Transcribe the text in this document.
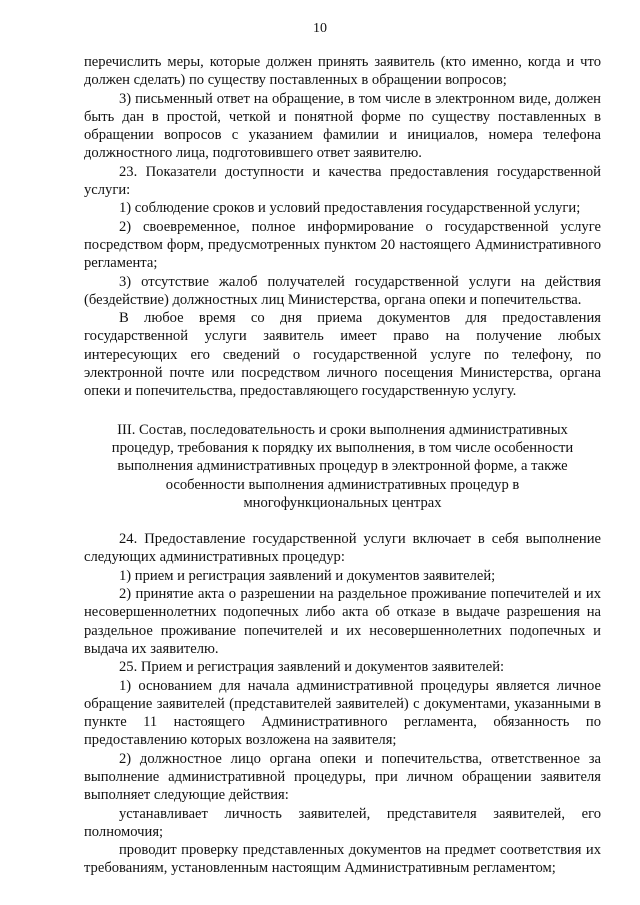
10

перечислить меры, которые должен принять заявитель (кто именно, когда и что должен сделать) по существу поставленных в обращении вопросов;

3) письменный ответ на обращение, в том числе в электронном виде, должен быть дан в простой, четкой и понятной форме по существу поставленных в обращении вопросов с указанием фамилии и инициалов, номера телефона должностного лица, подготовившего ответ заявителю.

23. Показатели доступности и качества предоставления государственной услуги:

1) соблюдение сроков и условий предоставления государственной услуги;

2) своевременное, полное информирование о государственной услуге посредством форм, предусмотренных пунктом 20 настоящего Административного регламента;

3) отсутствие жалоб получателей государственной услуги на действия (бездействие) должностных лиц Министерства, органа опеки и попечительства.

В любое время со дня приема документов для предоставления государственной услуги заявитель имеет право на получение любых интересующих его сведений о государственной услуге по телефону, по электронной почте или посредством личного посещения Министерства, органа опеки и попечительства, предоставляющего государственную услугу.

III. Состав, последовательность и сроки выполнения административных процедур, требования к порядку их выполнения, в том числе особенности выполнения административных процедур в электронной форме, а также особенности выполнения административных процедур в многофункциональных центрах

24. Предоставление государственной услуги включает в себя выполнение следующих административных процедур:

1) прием и регистрация заявлений и документов заявителей;

2) принятие акта о разрешении на раздельное проживание попечителей и их несовершеннолетних подопечных либо акта об отказе в выдаче разрешения на раздельное проживание попечителей и их несовершеннолетних подопечных и выдача их заявителю.

25. Прием и регистрация заявлений и документов заявителей:

1) основанием для начала административной процедуры является личное обращение заявителей (представителей заявителей) с документами, указанными в пункте 11 настоящего Административного регламента, обязанность по предоставлению которых возложена на заявителя;

2) должностное лицо органа опеки и попечительства, ответственное за выполнение административной процедуры, при личном обращении заявителя выполняет следующие действия:

устанавливает личность заявителей, представителя заявителей, его полномочия;

проводит проверку представленных документов на предмет соответствия их требованиям, установленным настоящим Административным регламентом;
